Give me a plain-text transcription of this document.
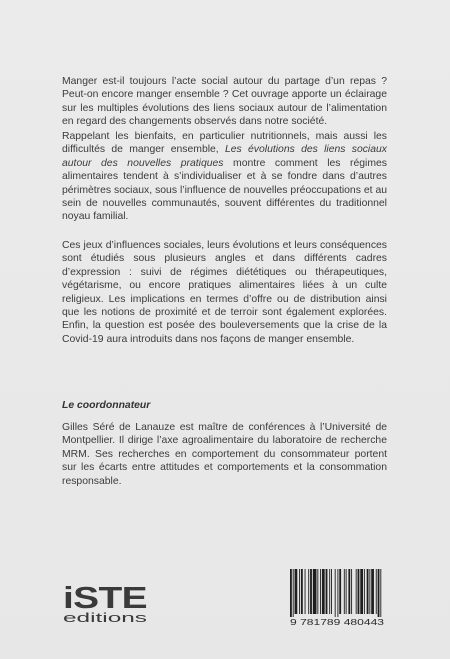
Manger est-il toujours l’acte social autour du partage d’un repas ? Peut-on encore manger ensemble ? Cet ouvrage apporte un éclairage sur les multiples évolutions des liens sociaux autour de l’alimentation en regard des changements observés dans notre société.

Rappelant les bienfaits, en particulier nutritionnels, mais aussi les difficultés de manger ensemble, Les évolutions des liens sociaux autour des nouvelles pratiques montre comment les régimes alimentaires tendent à s’individualiser et à se fondre dans d’autres périmètres sociaux, sous l’influence de nouvelles préoccupations et au sein de nouvelles communautés, souvent différentes du traditionnel noyau familial.

Ces jeux d’influences sociales, leurs évolutions et leurs conséquences sont étudiés sous plusieurs angles et dans différents cadres d’expression : suivi de régimes diététiques ou thérapeutiques, végétarisme, ou encore pratiques alimentaires liées à un culte religieux. Les implications en termes d’offre ou de distribution ainsi que les notions de proximité et de terroir sont également explorées. Enfin, la question est posée des bouleversements que la crise de la Covid-19 aura introduits dans nos façons de manger ensemble.

Le coordonnateur

Gilles Séré de Lanauze est maître de conférences à l’Université de Montpellier. Il dirige l’axe agroalimentaire du laboratoire de recherche MRM. Ses recherches en comportement du consommateur portent sur les écarts entre attitudes et comportements et la consommation responsable.

iSTE
editions	9 781789 480443
